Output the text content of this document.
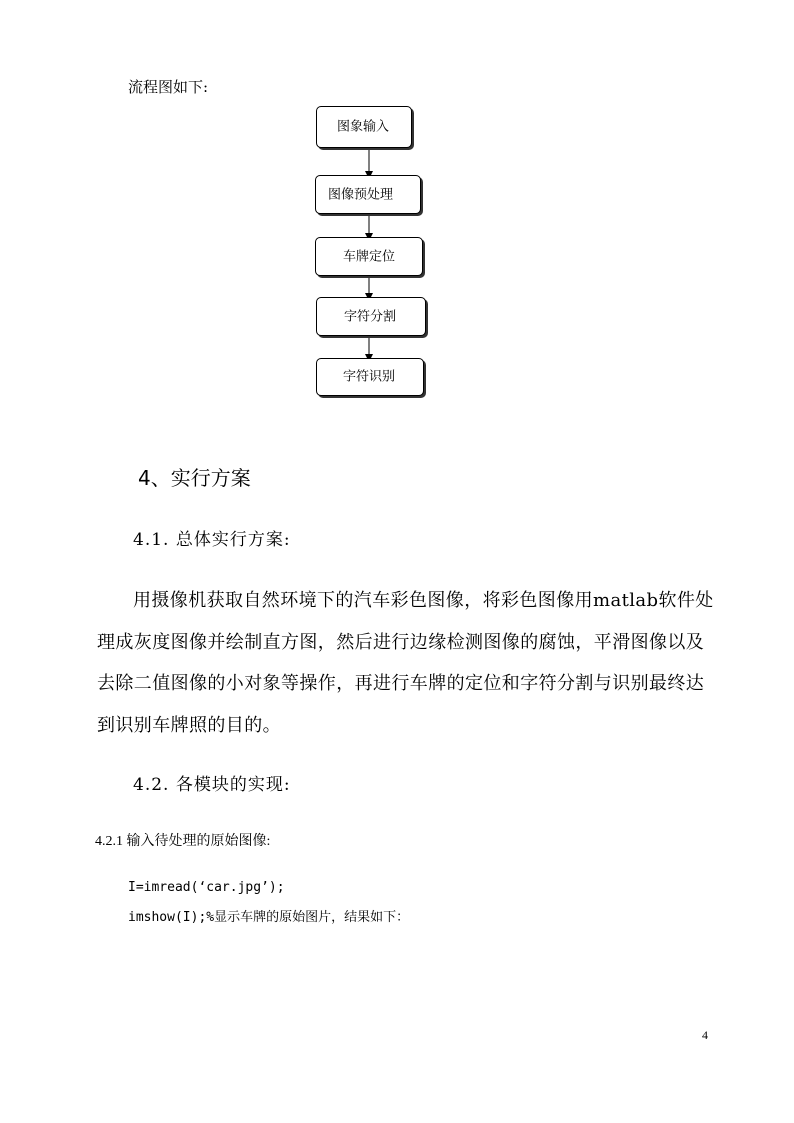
流程图如下:
图象输入
图像预处理
车牌定位
字符分割
字符识别
4、实行方案
4.1. 总体实行方案:
用摄像机获取自然环境下的汽车彩色图像，将彩色图像用matlab软件处理成灰度图像并绘制直方图，然后进行边缘检测图像的腐蚀，平滑图像以及去除二值图像的小对象等操作，再进行车牌的定位和字符分割与识别最终达到识别车牌照的目的。
4.2. 各模块的实现:
4.2.1 输入待处理的原始图像:
I=imread(‘car.jpg’);
imshow(I);%显示车牌的原始图片，结果如下：
4
